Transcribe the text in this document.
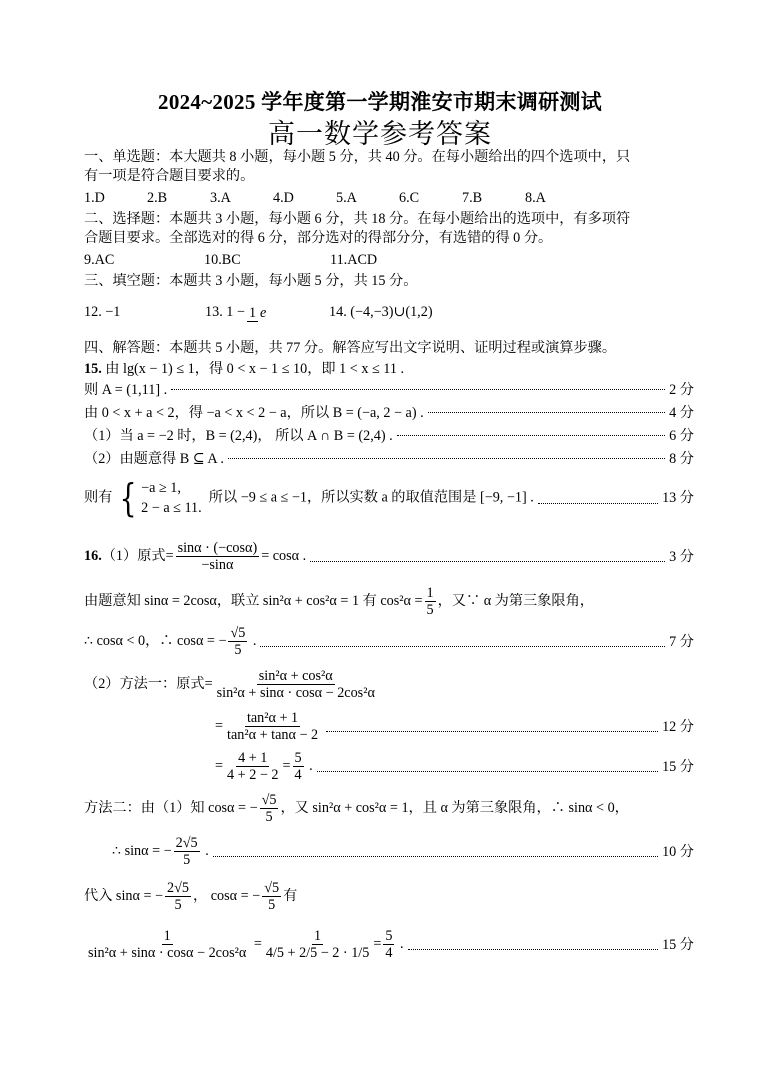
2024~2025 学年度第一学期淮安市期末调研测试
高一数学参考答案
一、单选题：本大题共 8 小题，每小题 5 分，共 40 分。在每小题给出的四个选项中，只
有一项是符合题目要求的。
1.D	2.B	3.A	4.D	5.A	6.C	7.B	8.A
二、选择题：本题共 3 小题，每小题 6 分，共 18 分。在每小题给出的选项中，有多项符
合题目要求。全部选对的得 6 分，部分选对的得部分分，有选错的得 0 分。
9.AC	10.BC	11.ACD
三、填空题：本题共 3 小题，每小题 5 分，共 15 分。
12. −1	13. 1 − 1 e	14. (−4,−3)∪(1,2)
四、解答题：本题共 5 小题，共 77 分。解答应写出文字说明、证明过程或演算步骤。
15. 由 lg(x − 1) ≤ 1，得 0 < x − 1 ≤ 10，即 1 < x ≤ 11 .
则 A = (1,11] .	2 分
由 0 < x + a < 2，得 −a < x < 2 − a，所以 B = (−a, 2 − a) .	4 分
（1）当 a = −2 时，B = (2,4)， 所以 A ∩ B = (2,4) .	6 分
（2）由题意得 B ⊆ A .	8 分
则有 { −a ≥ 1,
2 − a ≤ 11.
所以 −9 ≤ a ≤ −1，所以实数 a 的取值范围是 [−9, −1] .	13 分
16.（1）原式= $\frac{\sin\alpha \cdot (-\cos\alpha)}{-\sin\alpha} = \cos\alpha$ .	3 分
由题意知 sinα = 2cosα，联立 sin²α + cos²α = 1 有 $\cos^2\alpha = \frac{1}{5}$ ，又∵ α 为第三象限角，
∴ cosα < 0，∴ cosα = − $\frac{√5}{5}$ .	7 分
（2）方法一：原式= $\frac{\text{sin²α + cos²α}}{\text{sin²α + sinα · cosα − 2cos²α}}$
= $\frac{\text{tan²α + 1}}{\text{tan²α + tanα − 2}}$	12 分
= $\frac{4 + 1}{4 + 2 - 2} = \frac{5}{4}$ .	15 分
方法二：由（1）知 cosα = − $\frac{√5}{5}$ ，又 sin²α + cos²α = 1，且 α 为第三象限角，∴ sinα < 0，
∴ sinα = − $\frac{2√5}{5}$ .	10 分
代入 sinα = − $\frac{2√5}{5}$ ， cosα = − $\frac{√5}{5}$ 有
$\frac{1}{\text{sin²α + sinα · cosα − 2cos²α}} = \frac{1}{4/5 + 2/5 - 2 \cdot 1/5} = \frac{5}{4}$ .	15 分
